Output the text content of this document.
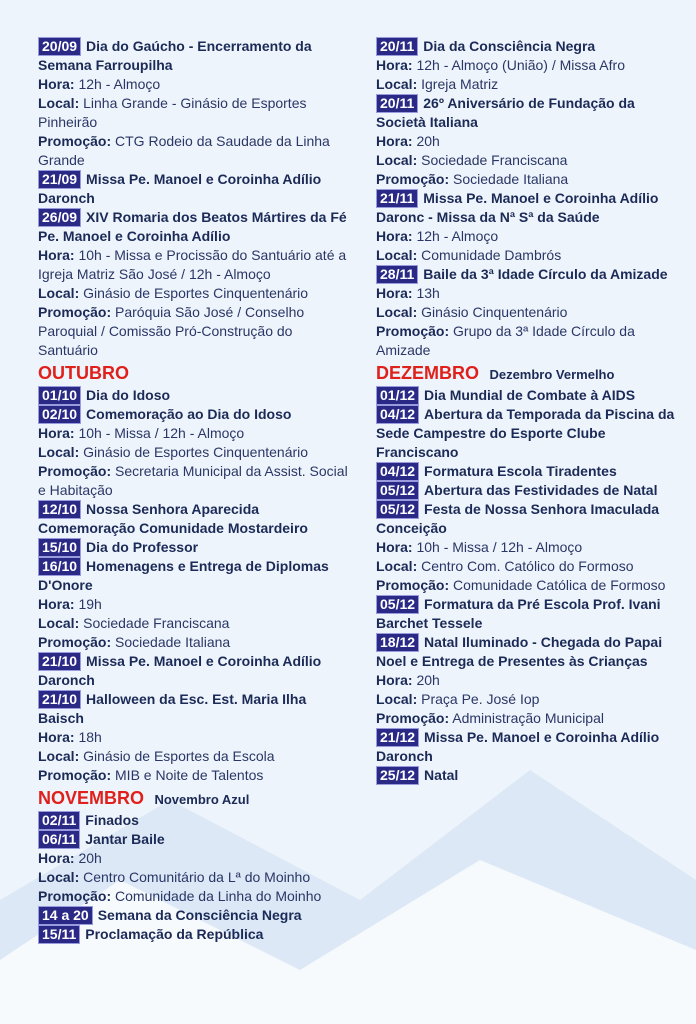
20/09 Dia do Gaúcho - Encerramento da Semana Farroupilha
Hora: 12h - Almoço
Local: Linha Grande - Ginásio de Esportes Pinheirão
Promoção: CTG Rodeio da Saudade da Linha Grande
21/09 Missa Pe. Manoel e Coroinha Adílio Daronch
26/09 XIV Romaria dos Beatos Mártires da Fé Pe. Manoel e Coroinha Adílio
Hora: 10h - Missa e Procissão do Santuário até a Igreja Matriz São José / 12h - Almoço
Local: Ginásio de Esportes Cinquentenário
Promoção: Paróquia São José / Conselho Paroquial / Comissão Pró-Construção do Santuário
OUTUBRO
01/10 Dia do Idoso
02/10 Comemoração ao Dia do Idoso
Hora: 10h - Missa / 12h - Almoço
Local: Ginásio de Esportes Cinquentenário
Promoção: Secretaria Municipal da Assist. Social e Habitação
12/10 Nossa Senhora Aparecida Comemoração Comunidade Mostardeiro
15/10 Dia do Professor
16/10 Homenagens e Entrega de Diplomas D'Onore
Hora: 19h
Local: Sociedade Franciscana
Promoção: Sociedade Italiana
21/10 Missa Pe. Manoel e Coroinha Adílio Daronch
21/10 Halloween da Esc. Est. Maria Ilha Baisch
Hora: 18h
Local: Ginásio de Esportes da Escola
Promoção: MIB e Noite de Talentos
NOVEMBRO Novembro Azul
02/11 Finados
06/11 Jantar Baile
Hora: 20h
Local: Centro Comunitário da Lª do Moinho
Promoção: Comunidade da Linha do Moinho
14 a 20 Semana da Consciência Negra
15/11 Proclamação da República
20/11 Dia da Consciência Negra
Hora: 12h - Almoço (União) / Missa Afro
Local: Igreja Matriz
20/11 26º Aniversário de Fundação da Società Italiana
Hora: 20h
Local: Sociedade Franciscana
Promoção: Sociedade Italiana
21/11 Missa Pe. Manoel e Coroinha Adílio Daronc - Missa da Nª Sª da Saúde
Hora: 12h - Almoço
Local: Comunidade Dambrós
28/11 Baile da 3ª Idade Círculo da Amizade
Hora: 13h
Local: Ginásio Cinquentenário
Promoção: Grupo da 3ª Idade Círculo da Amizade
DEZEMBRO Dezembro Vermelho
01/12 Dia Mundial de Combate à AIDS
04/12 Abertura da Temporada da Piscina da Sede Campestre do Esporte Clube Franciscano
04/12 Formatura Escola Tiradentes
05/12 Abertura das Festividades de Natal
05/12 Festa de Nossa Senhora Imaculada Conceição
Hora: 10h - Missa / 12h - Almoço
Local: Centro Com. Católico do Formoso
Promoção: Comunidade Católica de Formoso
05/12 Formatura da Pré Escola Prof. Ivani Barchet Tessele
18/12 Natal Iluminado - Chegada do Papai Noel e Entrega de Presentes às Crianças
Hora: 20h
Local: Praça Pe. José Iop
Promoção: Administração Municipal
21/12 Missa Pe. Manoel e Coroinha Adílio Daronch
25/12 Natal
